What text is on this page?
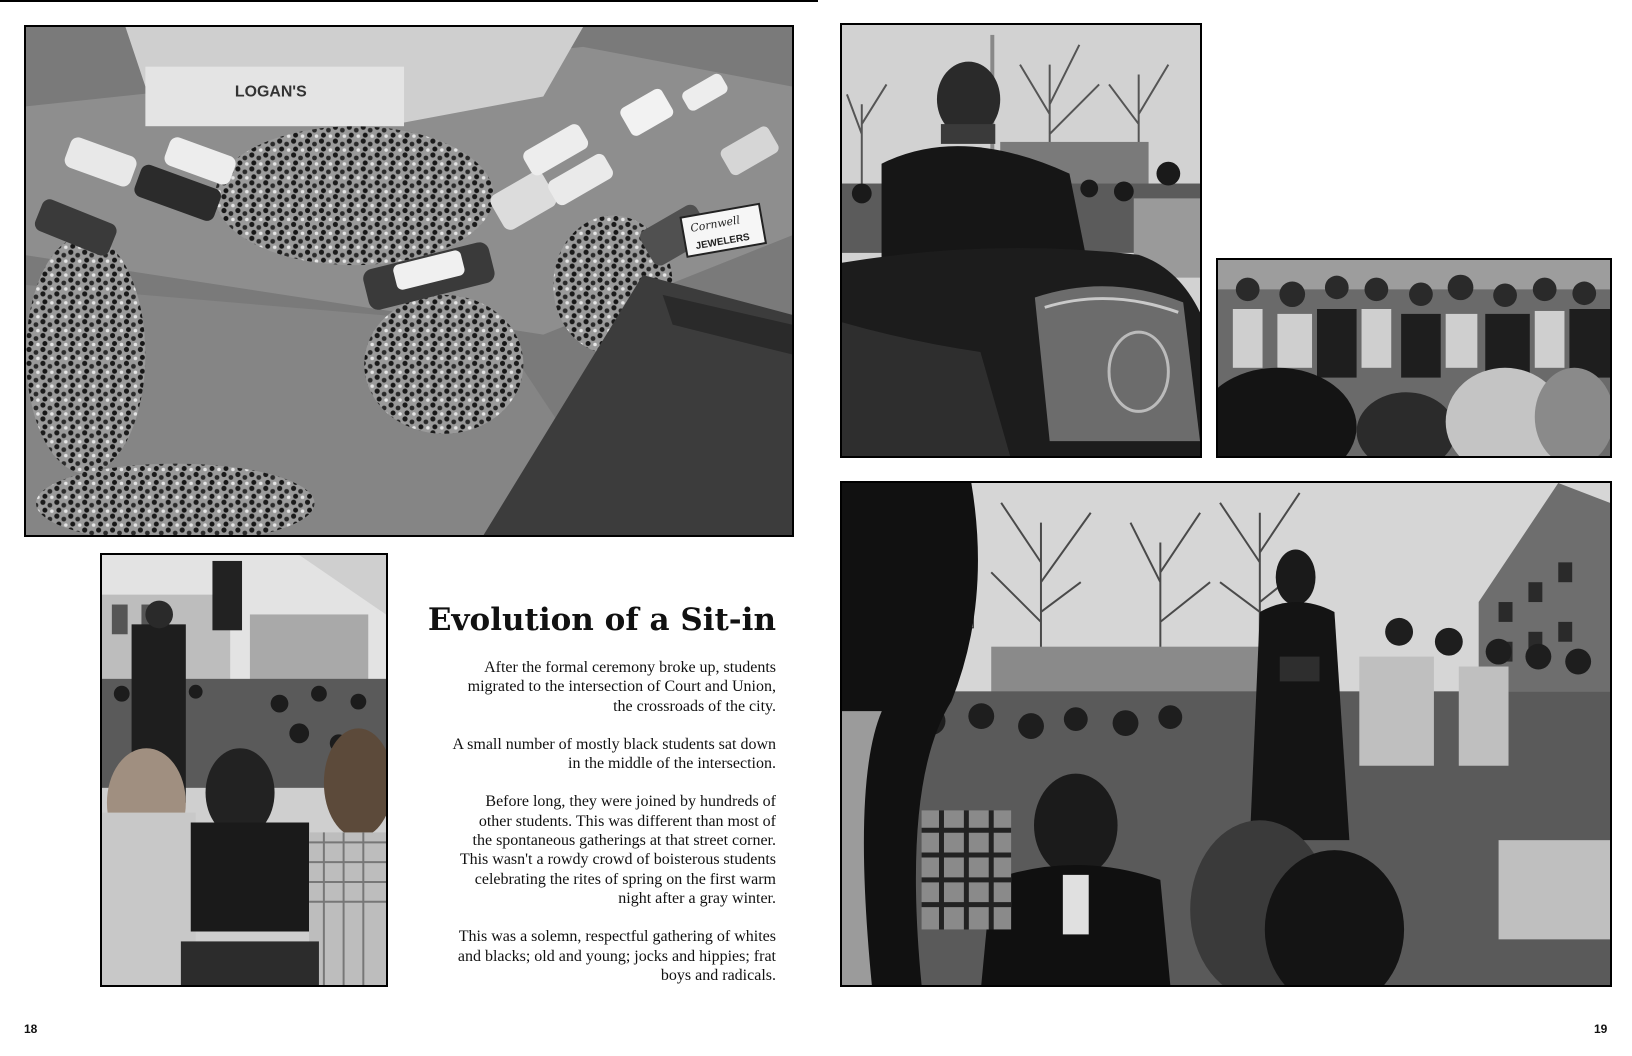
LOGAN'S
Cornwell
JEWELERS
Evolution of a Sit-in

After the formal ceremony broke up, students
migrated to the intersection of Court and Union,
the crossroads of the city.

A small number of mostly black students sat down
in the middle of the intersection.

Before long, they were joined by hundreds of
other students. This was different than most of
the spontaneous gatherings at that street corner.
This wasn't a rowdy crowd of boisterous students
celebrating the rites of spring on the first warm
night after a gray winter.

This was a solemn, respectful gathering of whites
and blacks; old and young; jocks and hippies; frat
boys and radicals.

18	19
